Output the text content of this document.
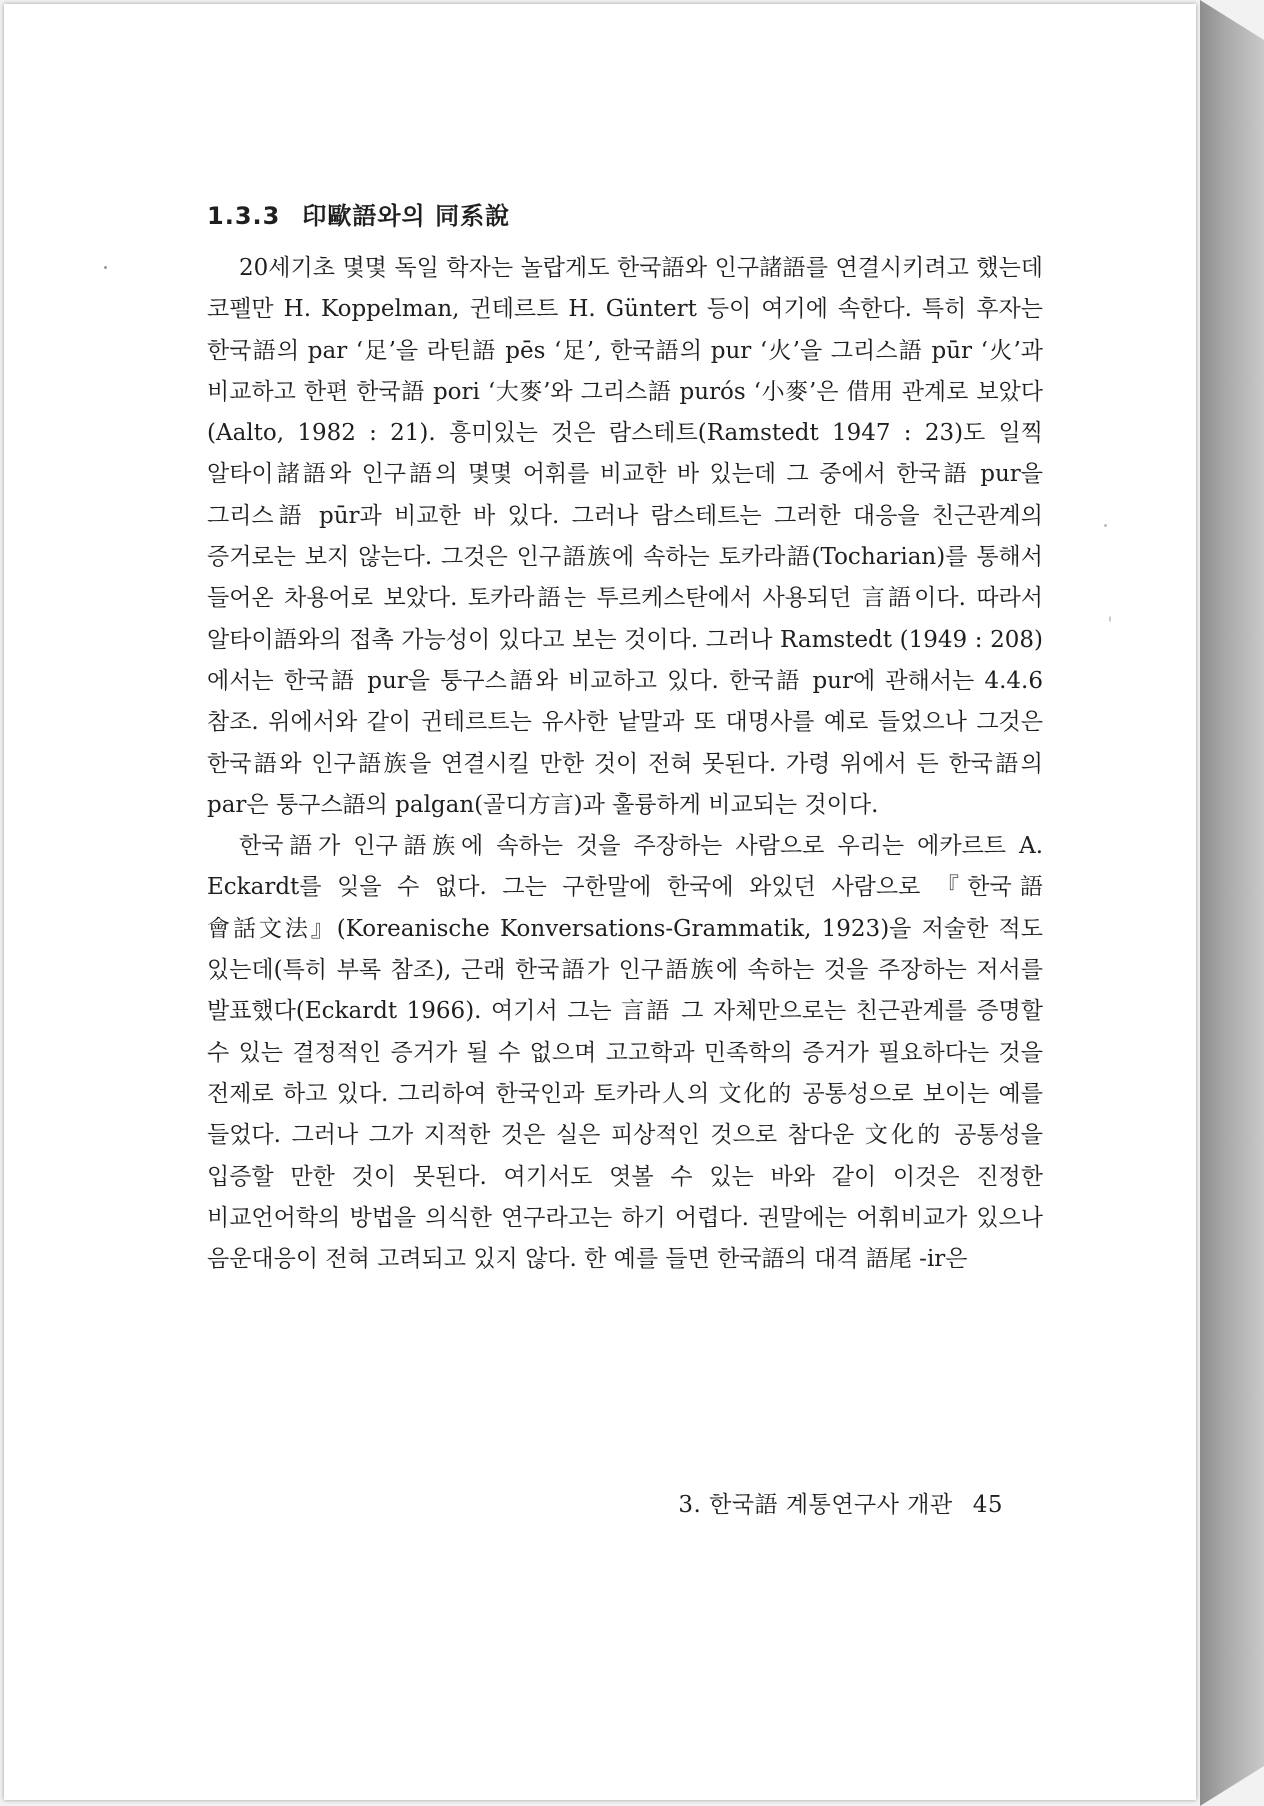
1.3.3 印歐語와의 同系說

20세기초 몇몇 독일 학자는 놀랍게도 한국語와 인구諸語를 연결시키려고 했는데 코펠만 H. Koppelman, 귄테르트 H. Güntert 등이 여기에 속한다. 특히 후자는 한국語의 par ‘足’을 라틴語 pēs ‘足’, 한국語의 pur ‘火’을 그리스語 pūr ‘火’과 비교하고 한편 한국語 pori ‘大麥’와 그리스語 purós ‘小麥’은 借用 관계로 보았다(Aalto, 1982 : 21). 흥미있는 것은 람스테트(Ramstedt 1947 : 23)도 일찍 알타이諸語와 인구語의 몇몇 어휘를 비교한 바 있는데 그 중에서 한국語 pur을 그리스語 pūr과 비교한 바 있다. 그러나 람스테트는 그러한 대응을 친근관계의 증거로는 보지 않는다. 그것은 인구語族에 속하는 토카라語(Tocharian)를 통해서 들어온 차용어로 보았다. 토카라語는 투르케스탄에서 사용되던 言語이다. 따라서 알타이語와의 접촉 가능성이 있다고 보는 것이다. 그러나 Ramstedt (1949 : 208)에서는 한국語 pur을 퉁구스語와 비교하고 있다. 한국語 pur에 관해서는 4.4.6 참조. 위에서와 같이 귄테르트는 유사한 낱말과 또 대명사를 예로 들었으나 그것은 한국語와 인구語族을 연결시킬 만한 것이 전혀 못된다. 가령 위에서 든 한국語의 par은 퉁구스語의 palgan(골디方言)과 훌륭하게 비교되는 것이다.

한국語가 인구語族에 속하는 것을 주장하는 사람으로 우리는 에카르트 A. Eckardt를 잊을 수 없다. 그는 구한말에 한국에 와있던 사람으로 『한국語 會話文法』(Koreanische Konversations-Grammatik, 1923)을 저술한 적도 있는데(특히 부록 참조), 근래 한국語가 인구語族에 속하는 것을 주장하는 저서를 발표했다(Eckardt 1966). 여기서 그는 言語 그 자체만으로는 친근관계를 증명할 수 있는 결정적인 증거가 될 수 없으며 고고학과 민족학의 증거가 필요하다는 것을 전제로 하고 있다. 그리하여 한국인과 토카라人의 文化的 공통성으로 보이는 예를 들었다. 그러나 그가 지적한 것은 실은 피상적인 것으로 참다운 文化的 공통성을 입증할 만한 것이 못된다. 여기서도 엿볼 수 있는 바와 같이 이것은 진정한 비교언어학의 방법을 의식한 연구라고는 하기 어렵다. 권말에는 어휘비교가 있으나 음운대응이 전혀 고려되고 있지 않다. 한 예를 들면 한국語의 대격 語尾 -ir은

3. 한국語 계통연구사 개관 45
